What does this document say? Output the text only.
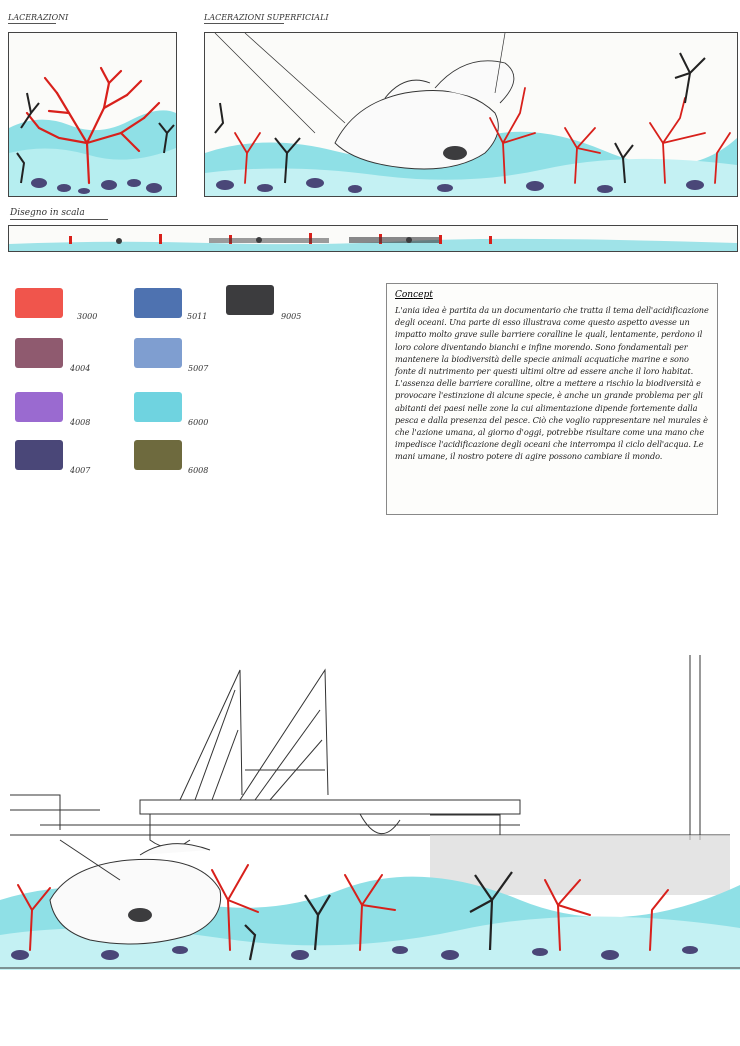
LACERAZIONI	LACERAZIONI SUPERFICIALI
Disegno in scala
3000	5011	9005
4004	5007
4008	6000
4007	6008
Concept
L'ania idea è partita da un documentario che tratta il tema dell'acidificazione degli oceani. Una parte di esso illustrava come questo aspetto avesse un impatto molto grave sulle barriere coralline le quali, lentamente, perdono il loro colore diventando bianchi e infine morendo. Sono fondamentali per mantenere la biodiversità delle specie animali acquatiche marine e sono fonte di nutrimento per questi ultimi oltre ad essere anche il loro habitat. L'assenza delle barriere coralline, oltre a mettere a rischio la biodiversità e provocare l'estinzione di alcune specie, è anche un grande problema per gli abitanti dei paesi nelle zone la cui alimentazione dipende fortemente dalla pesca e dalla presenza del pesce. Ciò che voglio rappresentare nel murales è che l'azione umana, al giorno d'oggi, potrebbe risultare come una mano che impedisce l'acidificazione degli oceani che interrompa il ciclo dell'acqua. Le mani umane, il nostro potere di agire possono cambiare il mondo.
